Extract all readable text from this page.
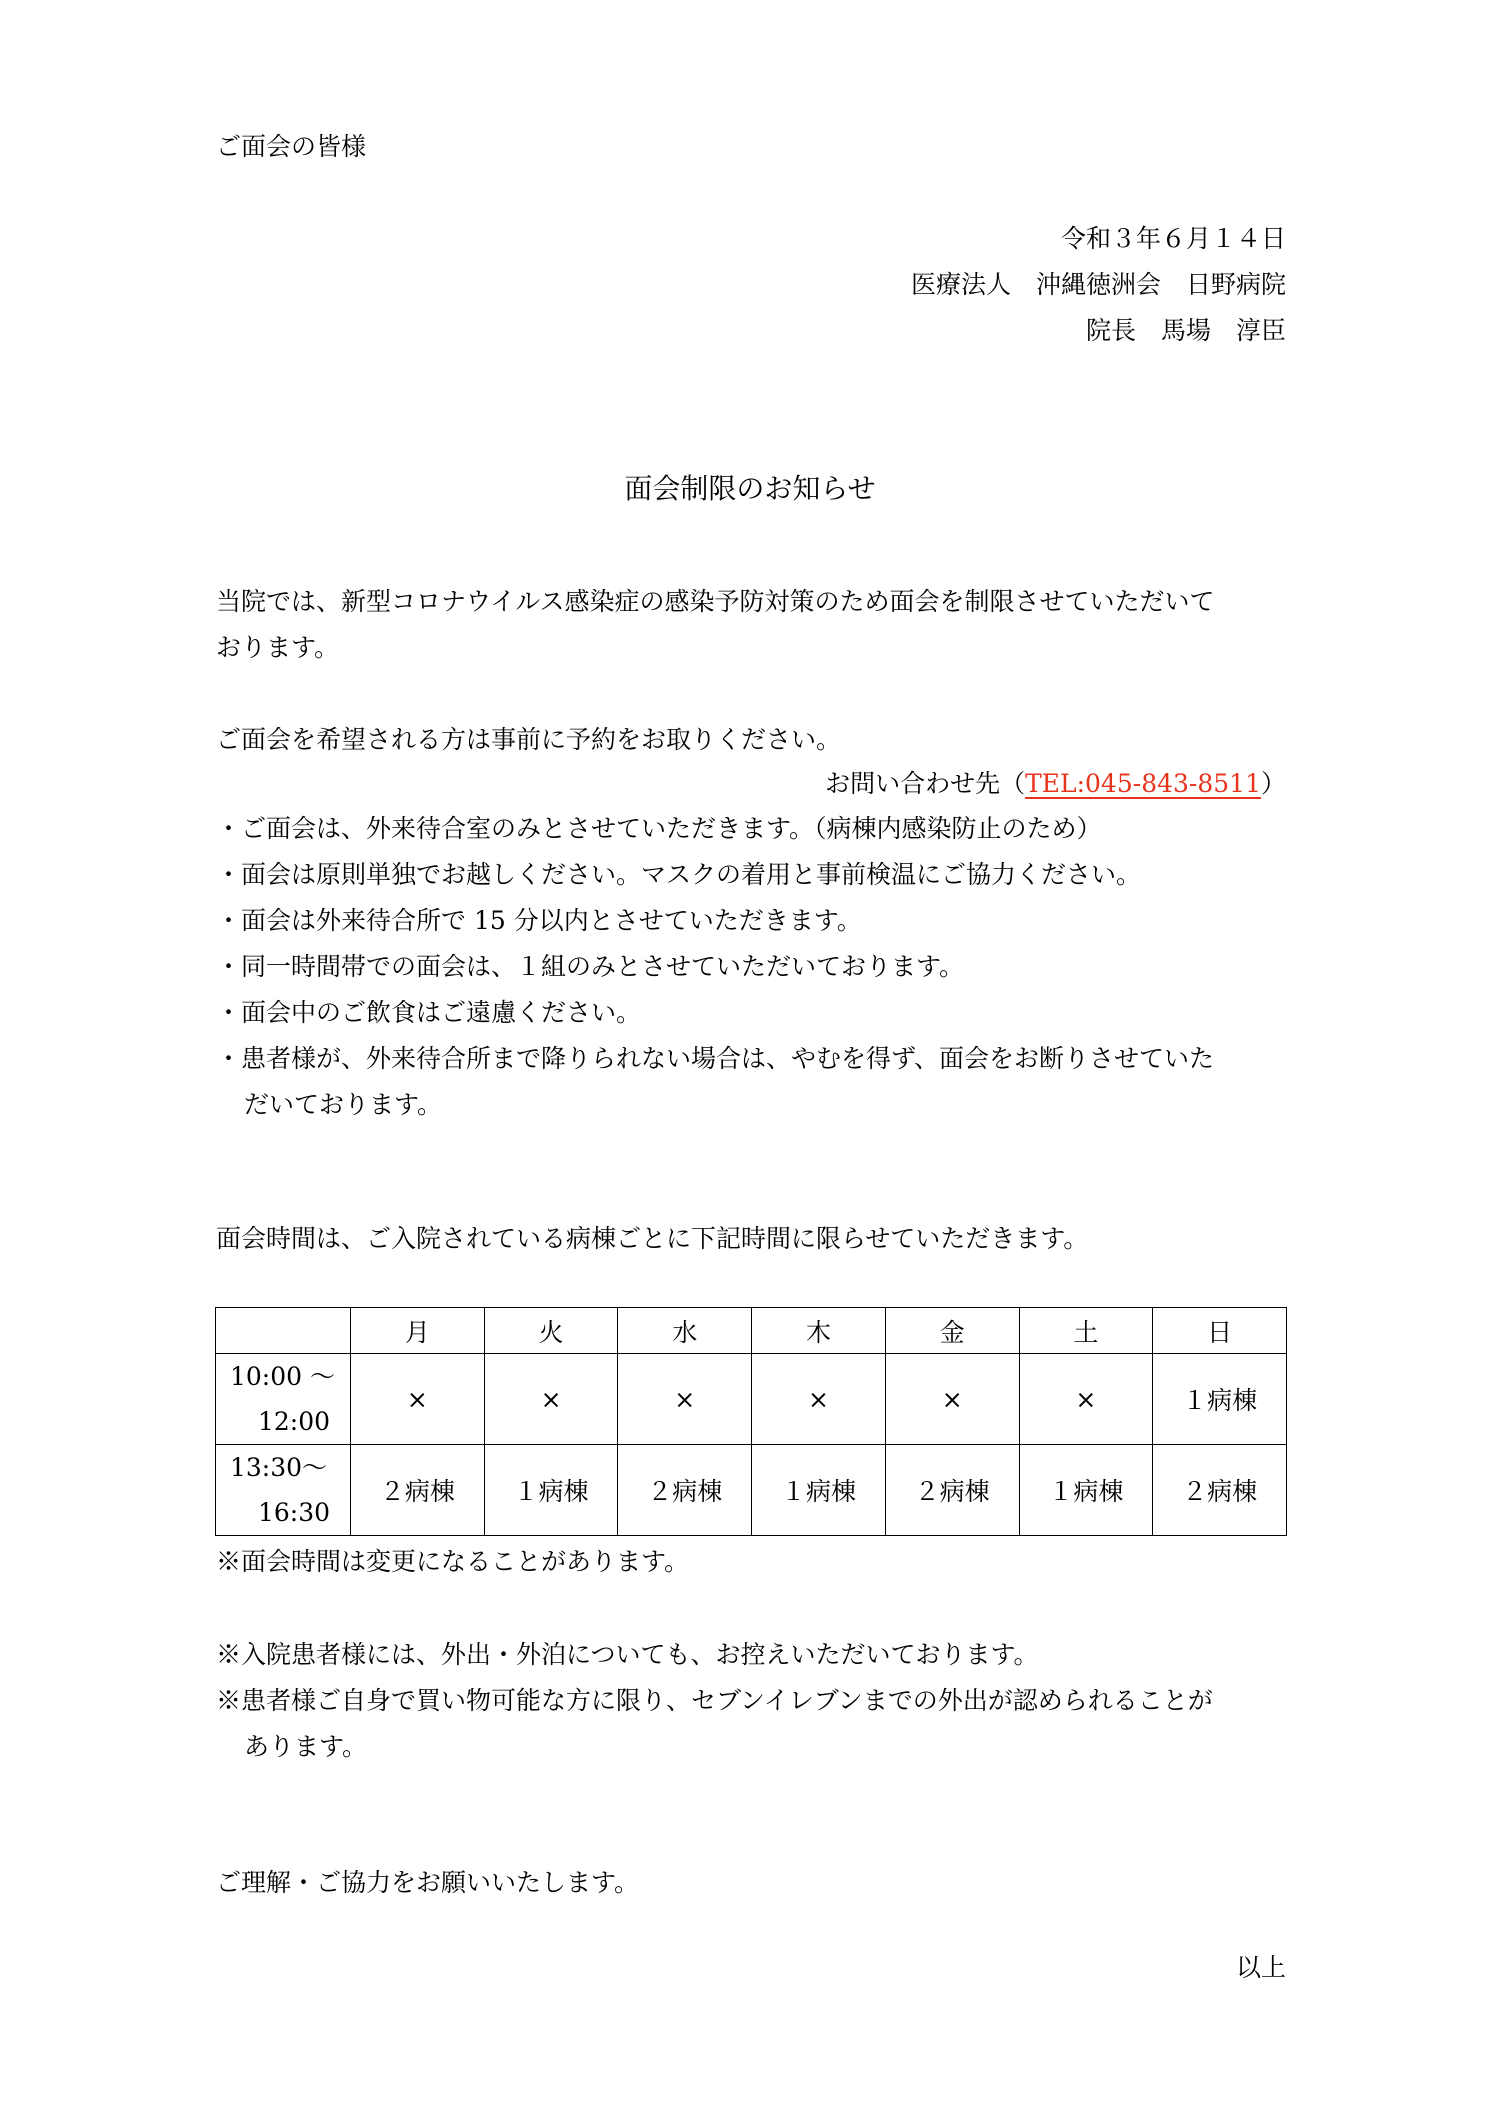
ご面会の皆様
令和３年６月１４日
医療法人　沖縄徳洲会　日野病院
院長　馬場　淳臣
面会制限のお知らせ
当院では、新型コロナウイルス感染症の感染予防対策のため面会を制限させていただいて
おります。
ご面会を希望される方は事前に予約をお取りください。
お問い合わせ先（TEL:045-843-8511）
・ご面会は、外来待合室のみとさせていただきます。（病棟内感染防止のため）
・面会は原則単独でお越しください。マスクの着用と事前検温にご協力ください。
・面会は外来待合所で 15 分以内とさせていただきます。
・同一時間帯での面会は、１組のみとさせていただいております。
・面会中のご飲食はご遠慮ください。
・患者様が、外来待合所まで降りられない場合は、やむを得ず、面会をお断りさせていた
だいております。
面会時間は、ご入院されている病棟ごとに下記時間に限らせていただきます。
	月	火	水	木	金	土	日

10:00 〜
12:00	×	×	×	×	×	×	１病棟

13:30〜
16:30	２病棟	１病棟	２病棟	１病棟	２病棟	１病棟	２病棟
※面会時間は変更になることがあります。
※入院患者様には、外出・外泊についても、お控えいただいております。
※患者様ご自身で買い物可能な方に限り、セブンイレブンまでの外出が認められることが
あります。
ご理解・ご協力をお願いいたします。
以上
